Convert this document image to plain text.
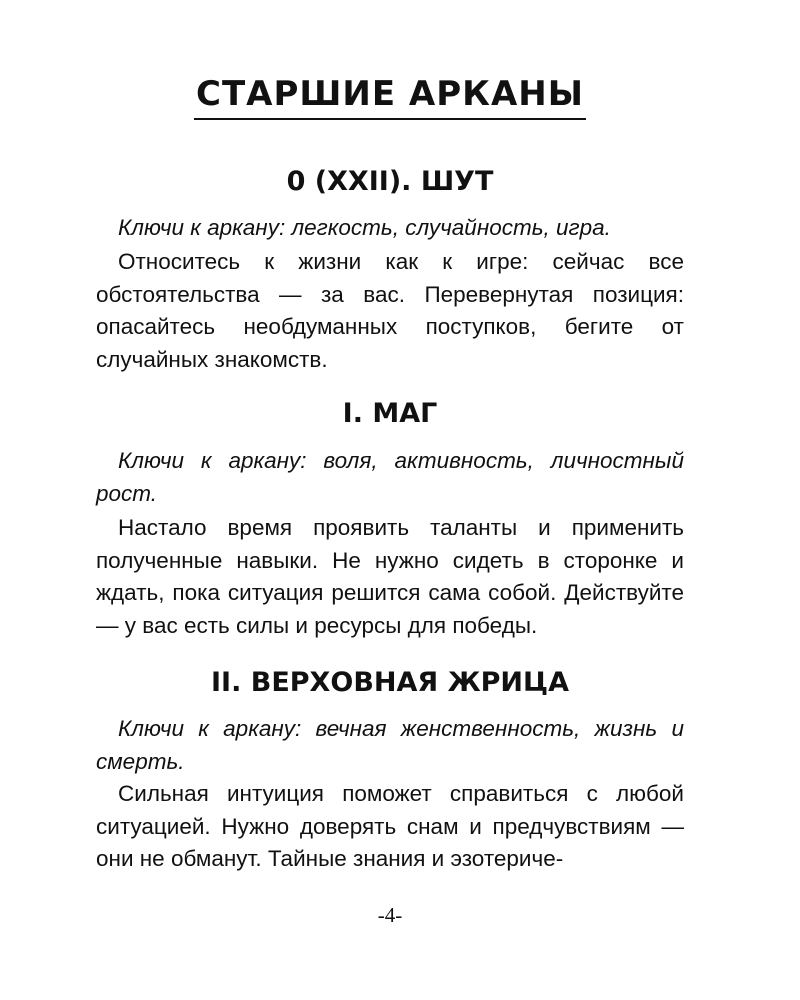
СТАРШИЕ АРКАНЫ
0 (XXII). ШУТ

Ключи к аркану: легкость, случайность, игра.

Относитесь к жизни как к игре: сейчас все обстоятельства — за вас. Перевернутая позиция: опасайтесь необдуманных поступков, бегите от случайных знакомств.

I. МАГ

Ключи к аркану: воля, активность, личностный рост.

Настало время проявить таланты и применить полученные навыки. Не нужно сидеть в сторонке и ждать, пока ситуация решится сама собой. Действуйте — у вас есть силы и ресурсы для победы.

II. ВЕРХОВНАЯ ЖРИЦА

Ключи к аркану: вечная женственность, жизнь и смерть.

Сильная интуиция поможет справиться с любой ситуацией. Нужно доверять снам и предчувствиям — они не обманут. Тайные знания и эзотериче-

-4-
